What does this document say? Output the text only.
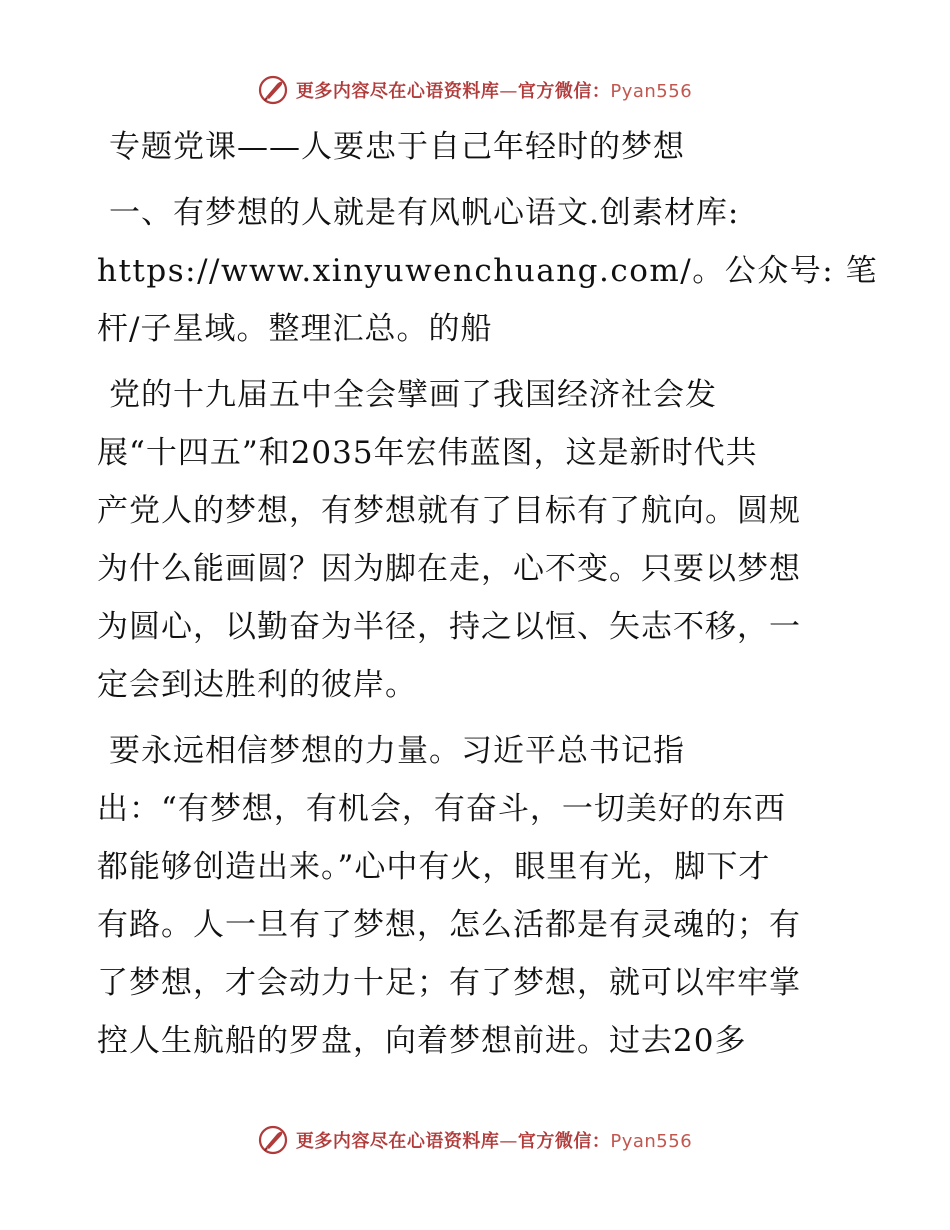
更多内容尽在心语资料库—官方微信：Pyan556
专题党课——人要忠于自己年轻时的梦想
一、有梦想的人就是有风帆心语文.创素材库:
https://www.xinyuwenchuang.com/。公众号: 笔
杆/子星域。整理汇总。的船
党的十九届五中全会擘画了我国经济社会发
展“十四五”和2035年宏伟蓝图，这是新时代共
产党人的梦想，有梦想就有了目标有了航向。圆规
为什么能画圆？因为脚在走，心不变。只要以梦想
为圆心，以勤奋为半径，持之以恒、矢志不移，一
定会到达胜利的彼岸。
要永远相信梦想的力量。习近平总书记指
出：“有梦想，有机会，有奋斗，一切美好的东西
都能够创造出来。”心中有火，眼里有光，脚下才
有路。人一旦有了梦想，怎么活都是有灵魂的；有
了梦想，才会动力十足；有了梦想，就可以牢牢掌
控人生航船的罗盘，向着梦想前进。过去20多
更多内容尽在心语资料库—官方微信：Pyan556
